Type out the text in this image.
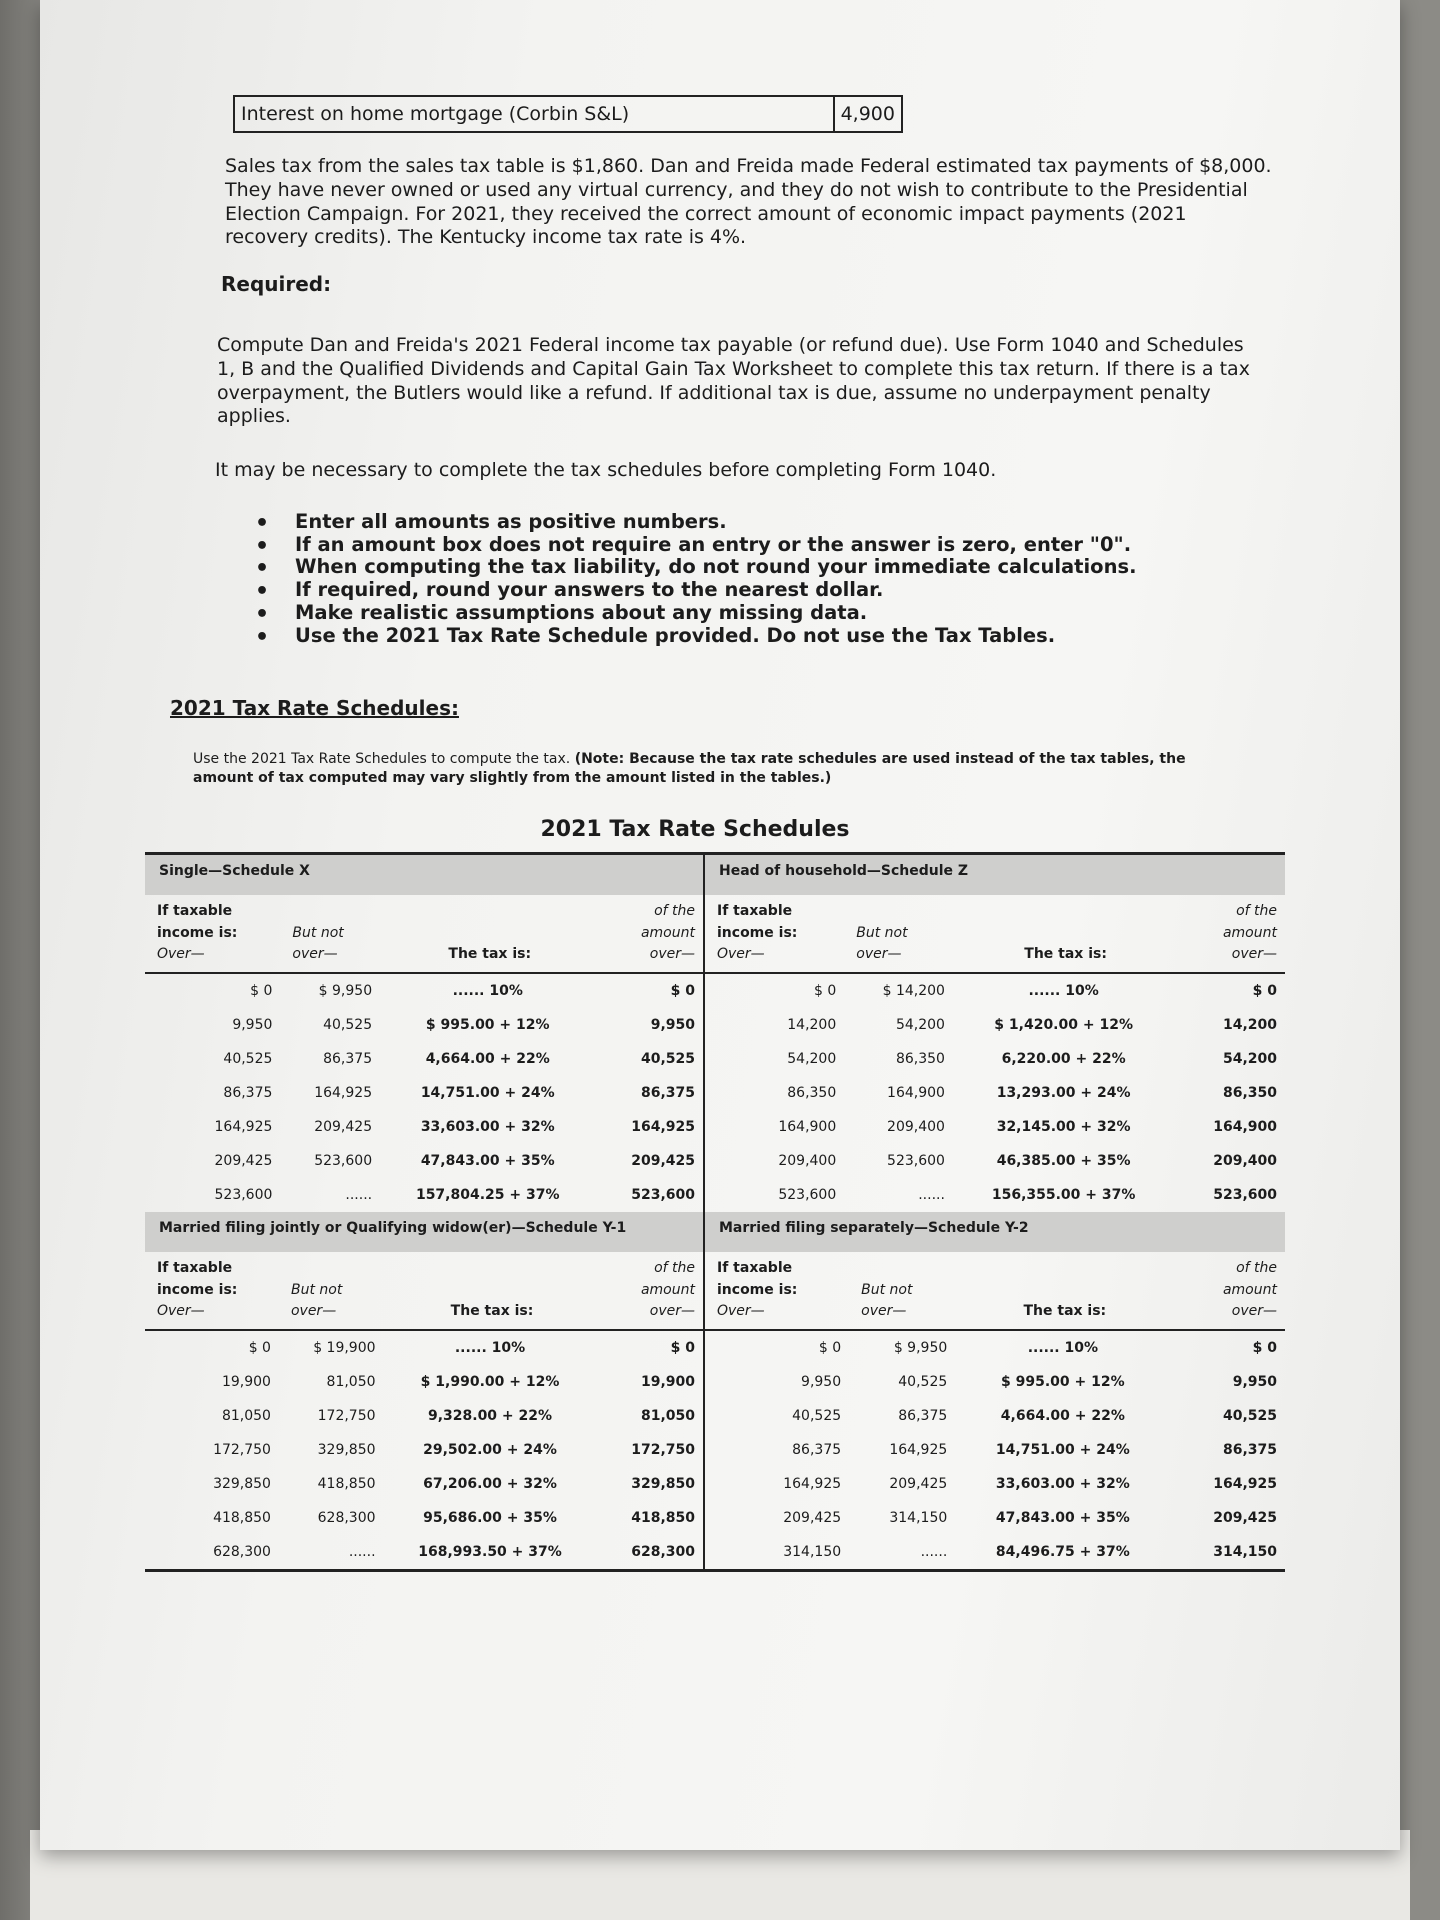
Interest on home mortgage (Corbin S&L)	4,900
Sales tax from the sales tax table is $1,860. Dan and Freida made Federal estimated tax payments of $8,000. They have never owned or used any virtual currency, and they do not wish to contribute to the Presidential Election Campaign. For 2021, they received the correct amount of economic impact payments (2021 recovery credits). The Kentucky income tax rate is 4%.
Required:
Compute Dan and Freida's 2021 Federal income tax payable (or refund due). Use Form 1040 and Schedules 1, B and the Qualified Dividends and Capital Gain Tax Worksheet to complete this tax return. If there is a tax overpayment, the Butlers would like a refund. If additional tax is due, assume no underpayment penalty applies.
It may be necessary to complete the tax schedules before completing Form 1040.
• Enter all amounts as positive numbers.
• If an amount box does not require an entry or the answer is zero, enter "0".
• When computing the tax liability, do not round your immediate calculations.
• If required, round your answers to the nearest dollar.
• Make realistic assumptions about any missing data.
• Use the 2021 Tax Rate Schedule provided. Do not use the Tax Tables.
2021 Tax Rate Schedules:
Use the 2021 Tax Rate Schedules to compute the tax. (Note: Because the tax rate schedules are used instead of the tax tables, the amount of tax computed may vary slightly from the amount listed in the tables.)
2021 Tax Rate Schedules
Single—Schedule X
If taxable
income is:
Over—	But not
over—	The tax is:	of the
amount
over—
$ 0	$ 9,950	...... 10%	$ 0
9,950	40,525	$ 995.00 + 12%	9,950
40,525	86,375	4,664.00 + 22%	40,525
86,375	164,925	14,751.00 + 24%	86,375
164,925	209,425	33,603.00 + 32%	164,925
209,425	523,600	47,843.00 + 35%	209,425
523,600	......	157,804.25 + 37%	523,600
Head of household—Schedule Z
If taxable
income is:
Over—	But not
over—	The tax is:	of the
amount
over—
$ 0	$ 14,200	...... 10%	$ 0
14,200	54,200	$ 1,420.00 + 12%	14,200
54,200	86,350	6,220.00 + 22%	54,200
86,350	164,900	13,293.00 + 24%	86,350
164,900	209,400	32,145.00 + 32%	164,900
209,400	523,600	46,385.00 + 35%	209,400
523,600	......	156,355.00 + 37%	523,600
Married filing jointly or Qualifying widow(er)—Schedule Y-1
If taxable
income is:
Over—	But not
over—	The tax is:	of the
amount
over—
$ 0	$ 19,900	...... 10%	$ 0
19,900	81,050	$ 1,990.00 + 12%	19,900
81,050	172,750	9,328.00 + 22%	81,050
172,750	329,850	29,502.00 + 24%	172,750
329,850	418,850	67,206.00 + 32%	329,850
418,850	628,300	95,686.00 + 35%	418,850
628,300	......	168,993.50 + 37%	628,300
Married filing separately—Schedule Y-2
If taxable
income is:
Over—	But not
over—	The tax is:	of the
amount
over—
$ 0	$ 9,950	...... 10%	$ 0
9,950	40,525	$ 995.00 + 12%	9,950
40,525	86,375	4,664.00 + 22%	40,525
86,375	164,925	14,751.00 + 24%	86,375
164,925	209,425	33,603.00 + 32%	164,925
209,425	314,150	47,843.00 + 35%	209,425
314,150	......	84,496.75 + 37%	314,150
